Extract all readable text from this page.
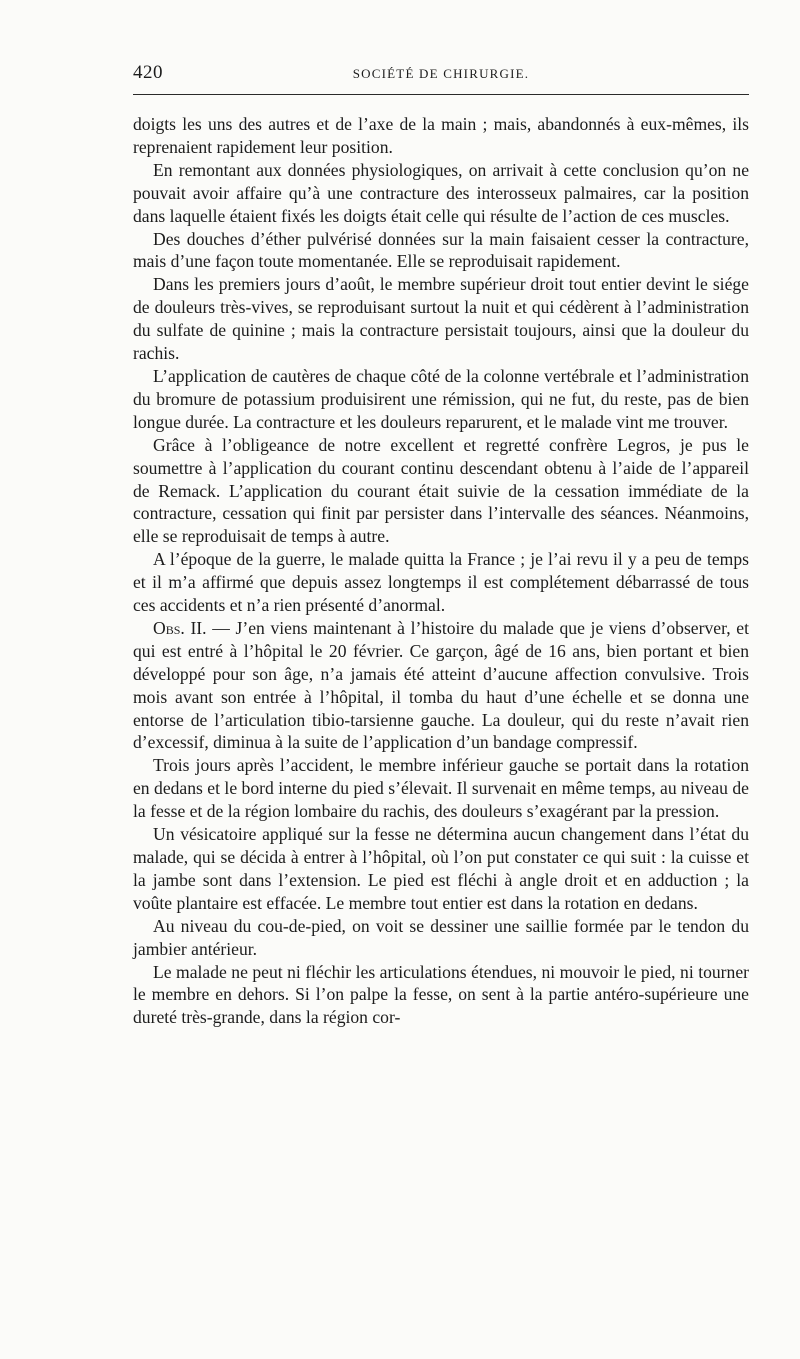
420	SOCIÉTÉ DE CHIRURGIE.

doigts les uns des autres et de l’axe de la main ; mais, abandonnés à eux-mêmes, ils reprenaient rapidement leur position.

En remontant aux données physiologiques, on arrivait à cette conclusion qu’on ne pouvait avoir affaire qu’à une contracture des interosseux palmaires, car la position dans laquelle étaient fixés les doigts était celle qui résulte de l’action de ces muscles.

Des douches d’éther pulvérisé données sur la main faisaient cesser la contracture, mais d’une façon toute momentanée. Elle se reproduisait rapidement.

Dans les premiers jours d’août, le membre supérieur droit tout entier devint le siége de douleurs très-vives, se reproduisant surtout la nuit et qui cédèrent à l’administration du sulfate de quinine ; mais la contracture persistait toujours, ainsi que la douleur du rachis.

L’application de cautères de chaque côté de la colonne vertébrale et l’administration du bromure de potassium produisirent une rémission, qui ne fut, du reste, pas de bien longue durée. La contracture et les douleurs reparurent, et le malade vint me trouver.

Grâce à l’obligeance de notre excellent et regretté confrère Legros, je pus le soumettre à l’application du courant continu descendant obtenu à l’aide de l’appareil de Remack. L’application du courant était suivie de la cessation immédiate de la contracture, cessation qui finit par persister dans l’intervalle des séances. Néanmoins, elle se reproduisait de temps à autre.

A l’époque de la guerre, le malade quitta la France ; je l’ai revu il y a peu de temps et il m’a affirmé que depuis assez longtemps il est complétement débarrassé de tous ces accidents et n’a rien présenté d’anormal.

Obs. II. — J’en viens maintenant à l’histoire du malade que je viens d’observer, et qui est entré à l’hôpital le 20 février. Ce garçon, âgé de 16 ans, bien portant et bien développé pour son âge, n’a jamais été atteint d’aucune affection convulsive. Trois mois avant son entrée à l’hôpital, il tomba du haut d’une échelle et se donna une entorse de l’articulation tibio-tarsienne gauche. La douleur, qui du reste n’avait rien d’excessif, diminua à la suite de l’application d’un bandage compressif.

Trois jours après l’accident, le membre inférieur gauche se portait dans la rotation en dedans et le bord interne du pied s’élevait. Il survenait en même temps, au niveau de la fesse et de la région lombaire du rachis, des douleurs s’exagérant par la pression.

Un vésicatoire appliqué sur la fesse ne détermina aucun changement dans l’état du malade, qui se décida à entrer à l’hôpital, où l’on put constater ce qui suit : la cuisse et la jambe sont dans l’extension. Le pied est fléchi à angle droit et en adduction ; la voûte plantaire est effacée. Le membre tout entier est dans la rotation en dedans.

Au niveau du cou-de-pied, on voit se dessiner une saillie formée par le tendon du jambier antérieur.

Le malade ne peut ni fléchir les articulations étendues, ni mouvoir le pied, ni tourner le membre en dehors. Si l’on palpe la fesse, on sent à la partie antéro-supérieure une dureté très-grande, dans la région cor-
